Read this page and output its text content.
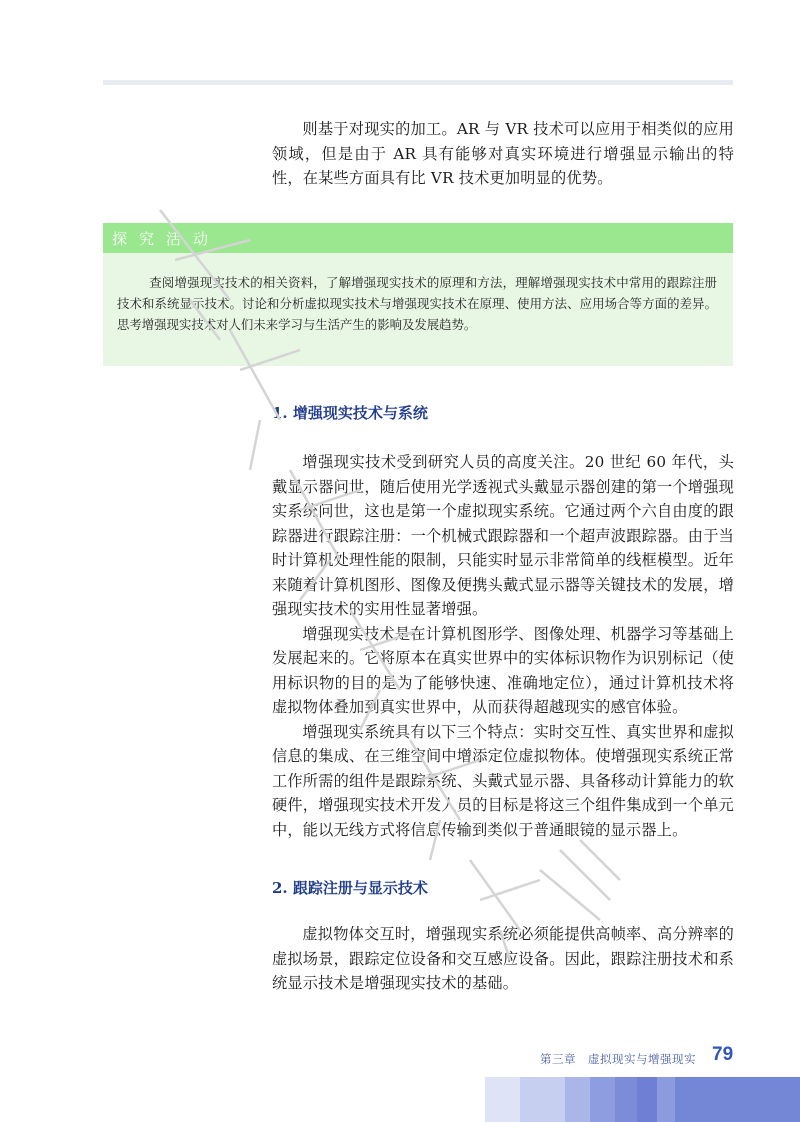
则基于对现实的加工。AR 与 VR 技术可以应用于相类似的应用领域，但是由于 AR 具有能够对真实环境进行增强显示输出的特性，在某些方面具有比 VR 技术更加明显的优势。
探究活动
查阅增强现实技术的相关资料，了解增强现实技术的原理和方法，理解增强现实技术中常用的跟踪注册技术和系统显示技术。讨论和分析虚拟现实技术与增强现实技术在原理、使用方法、应用场合等方面的差异。思考增强现实技术对人们未来学习与生活产生的影响及发展趋势。
1. 增强现实技术与系统

增强现实技术受到研究人员的高度关注。20 世纪 60 年代，头戴显示器问世，随后使用光学透视式头戴显示器创建的第一个增强现实系统问世，这也是第一个虚拟现实系统。它通过两个六自由度的跟踪器进行跟踪注册：一个机械式跟踪器和一个超声波跟踪器。由于当时计算机处理性能的限制，只能实时显示非常简单的线框模型。近年来随着计算机图形、图像及便携头戴式显示器等关键技术的发展，增强现实技术的实用性显著增强。

增强现实技术是在计算机图形学、图像处理、机器学习等基础上发展起来的。它将原本在真实世界中的实体标识物作为识别标记（使用标识物的目的是为了能够快速、准确地定位），通过计算机技术将虚拟物体叠加到真实世界中，从而获得超越现实的感官体验。

增强现实系统具有以下三个特点：实时交互性、真实世界和虚拟信息的集成、在三维空间中增添定位虚拟物体。使增强现实系统正常工作所需的组件是跟踪系统、头戴式显示器、具备移动计算能力的软硬件，增强现实技术开发人员的目标是将这三个组件集成到一个单元中，能以无线方式将信息传输到类似于普通眼镜的显示器上。

2. 跟踪注册与显示技术

虚拟物体交互时，增强现实系统必须能提供高帧率、高分辨率的虚拟场景，跟踪定位设备和交互感应设备。因此，跟踪注册技术和系统显示技术是增强现实技术的基础。

第三章 虚拟现实与增强现实 79
